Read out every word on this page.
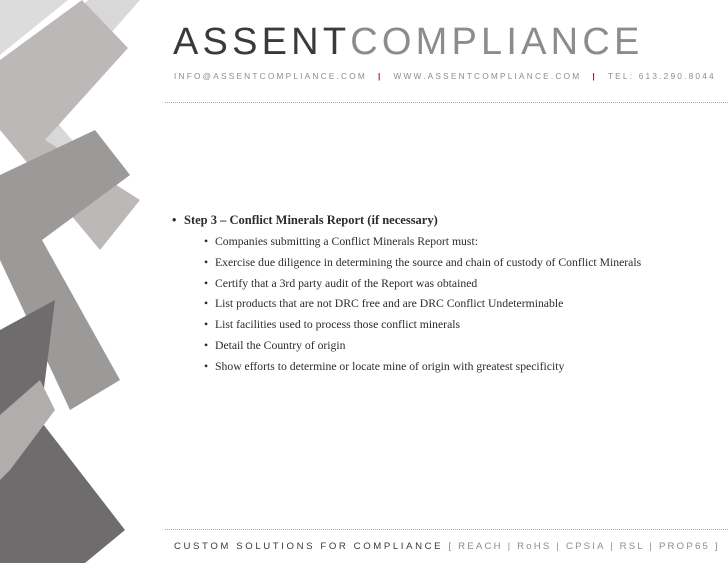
ASSENTCOMPLIANCE
INFO@ASSENTCOMPLIANCE.COM | WWW.ASSENTCOMPLIANCE.COM | TEL: 613.290.8044
• Step 3 – Conflict Minerals Report (if necessary)
• Companies submitting a Conflict Minerals Report must:
• Exercise due diligence in determining the source and chain of custody of Conflict Minerals
• Certify that a 3rd party audit of the Report was obtained
• List products that are not DRC free and are DRC Conflict Undeterminable
• List facilities used to process those conflict minerals
• Detail the Country of origin
• Show efforts to determine or locate mine of origin with greatest specificity
CUSTOM SOLUTIONS FOR COMPLIANCE [ REACH | RoHS | CPSIA | RSL | PROP65 ]
